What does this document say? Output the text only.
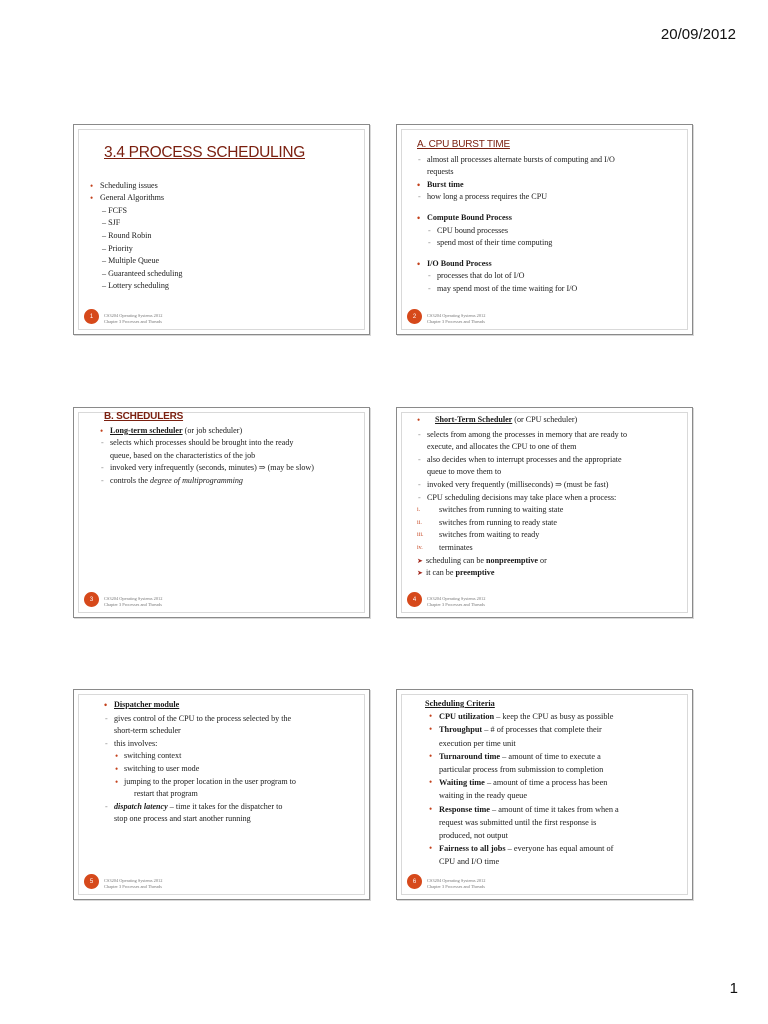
20/09/2012
3.4 PROCESS SCHEDULING
• Scheduling issues
• General Algorithms
– FCFS
– SJF
– Round Robin
– Priority
– Multiple Queue
– Guaranteed scheduling
– Lottery scheduling
1	CS3204 Operating Systems 2012
Chapter 3 Processes and Threads
A. CPU BURST TIME
- almost all processes alternate bursts of computing and I/O
requests
• Burst time
- how long a process requires the CPU
• Compute Bound Process
- CPU bound processes
- spend most of their time computing
• I/O Bound Process
- processes that do lot of I/O
- may spend most of the time waiting for I/O
2	CS3204 Operating Systems 2012
Chapter 3 Processes and Threads
B. SCHEDULERS
• Long-term scheduler (or job scheduler)
- selects which processes should be brought into the ready
queue, based on the characteristics of the job
- invoked very infrequently (seconds, minutes) ⇒ (may be slow)
- controls the degree of multiprogramming
3	CS3204 Operating Systems 2012
Chapter 3 Processes and Threads
• Short-Term Scheduler (or CPU scheduler)
- selects from among the processes in memory that are ready to
execute, and allocates the CPU to one of them
- also decides when to interrupt processes and the appropriate
queue to move them to
- invoked very frequently (milliseconds) ⇒ (must be fast)
- CPU scheduling decisions may take place when a process:
i.	switches from running to waiting state
ii.	switches from running to ready state
iii.	switches from waiting to ready
iv.	terminates
➤ scheduling can be nonpreemptive or
➤ it can be preemptive
4	CS3204 Operating Systems 2012
Chapter 3 Processes and Threads
• Dispatcher module
- gives control of the CPU to the process selected by the
short-term scheduler
- this involves:
• switching context
• switching to user mode
• jumping to the proper location in the user program to
restart that program
- dispatch latency – time it takes for the dispatcher to
stop one process and start another running
5	CS3204 Operating Systems 2012
Chapter 3 Processes and Threads
Scheduling Criteria
• CPU utilization – keep the CPU as busy as possible
• Throughput – # of processes that complete their
execution per time unit
• Turnaround time – amount of time to execute a
particular process from submission to completion
• Waiting time – amount of time a process has been
waiting in the ready queue
• Response time – amount of time it takes from when a
request was submitted until the first response is
produced, not output
• Fairness to all jobs – everyone has equal amount of
CPU and I/O time
6	CS3204 Operating Systems 2012
Chapter 3 Processes and Threads
1
